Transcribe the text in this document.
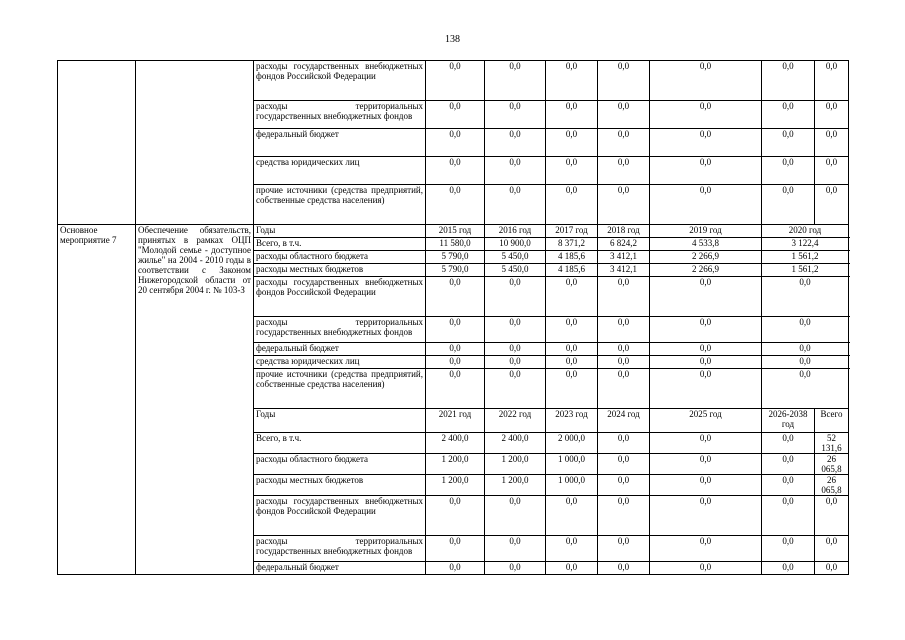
138
		расходы государственных внебюджетных фондов Российской Федерации	0,0	0,0	0,0	0,0	0,0	0,0	0,0
		расходы территориальных государственных внебюджетных фондов	0,0	0,0	0,0	0,0	0,0	0,0	0,0
		федеральный бюджет	0,0	0,0	0,0	0,0	0,0	0,0	0,0
		средства юридических лиц	0,0	0,0	0,0	0,0	0,0	0,0	0,0
		прочие источники (средства предприятий, собственные средства населения)	0,0	0,0	0,0	0,0	0,0	0,0	0,0
Основное мероприятие 7	Обеспечение обязательств, принятых в рамках ОЦП "Молодой семье - доступное жилье" на 2004 - 2010 годы в соответствии с Законом Нижегородской области от 20 сентября 2004 г. № 103-З	Годы	2015 год	2016 год	2017 год	2018 год	2019 год	2020 год	
		Всего, в т.ч.	11 580,0	10 900,0	8 371,2	6 824,2	4 533,8	3 122,4	
		расходы областного бюджета	5 790,0	5 450,0	4 185,6	3 412,1	2 266,9	1 561,2	
		расходы местных бюджетов	5 790,0	5 450,0	4 185,6	3 412,1	2 266,9	1 561,2	
		расходы государственных внебюджетных фондов Российской Федерации	0,0	0,0	0,0	0,0	0,0	0,0	
		расходы территориальных государственных внебюджетных фондов	0,0	0,0	0,0	0,0	0,0	0,0	
		федеральный бюджет	0,0	0,0	0,0	0,0	0,0	0,0	
		средства юридических лиц	0,0	0,0	0,0	0,0	0,0	0,0	
		прочие источники (средства предприятий, собственные средства населения)	0,0	0,0	0,0	0,0	0,0	0,0	
		Годы	2021 год	2022 год	2023 год	2024 год	2025 год	2026-2038 год	Всего
		Всего, в т.ч.	2 400,0	2 400,0	2 000,0	0,0	0,0	0,0	52 131,6
		расходы областного бюджета	1 200,0	1 200,0	1 000,0	0,0	0,0	0,0	26 065,8
		расходы местных бюджетов	1 200,0	1 200,0	1 000,0	0,0	0,0	0,0	26 065,8
		расходы государственных внебюджетных фондов Российской Федерации	0,0	0,0	0,0	0,0	0,0	0,0	0,0
		расходы территориальных государственных внебюджетных фондов	0,0	0,0	0,0	0,0	0,0	0,0	0,0
		федеральный бюджет	0,0	0,0	0,0	0,0	0,0	0,0	0,0
